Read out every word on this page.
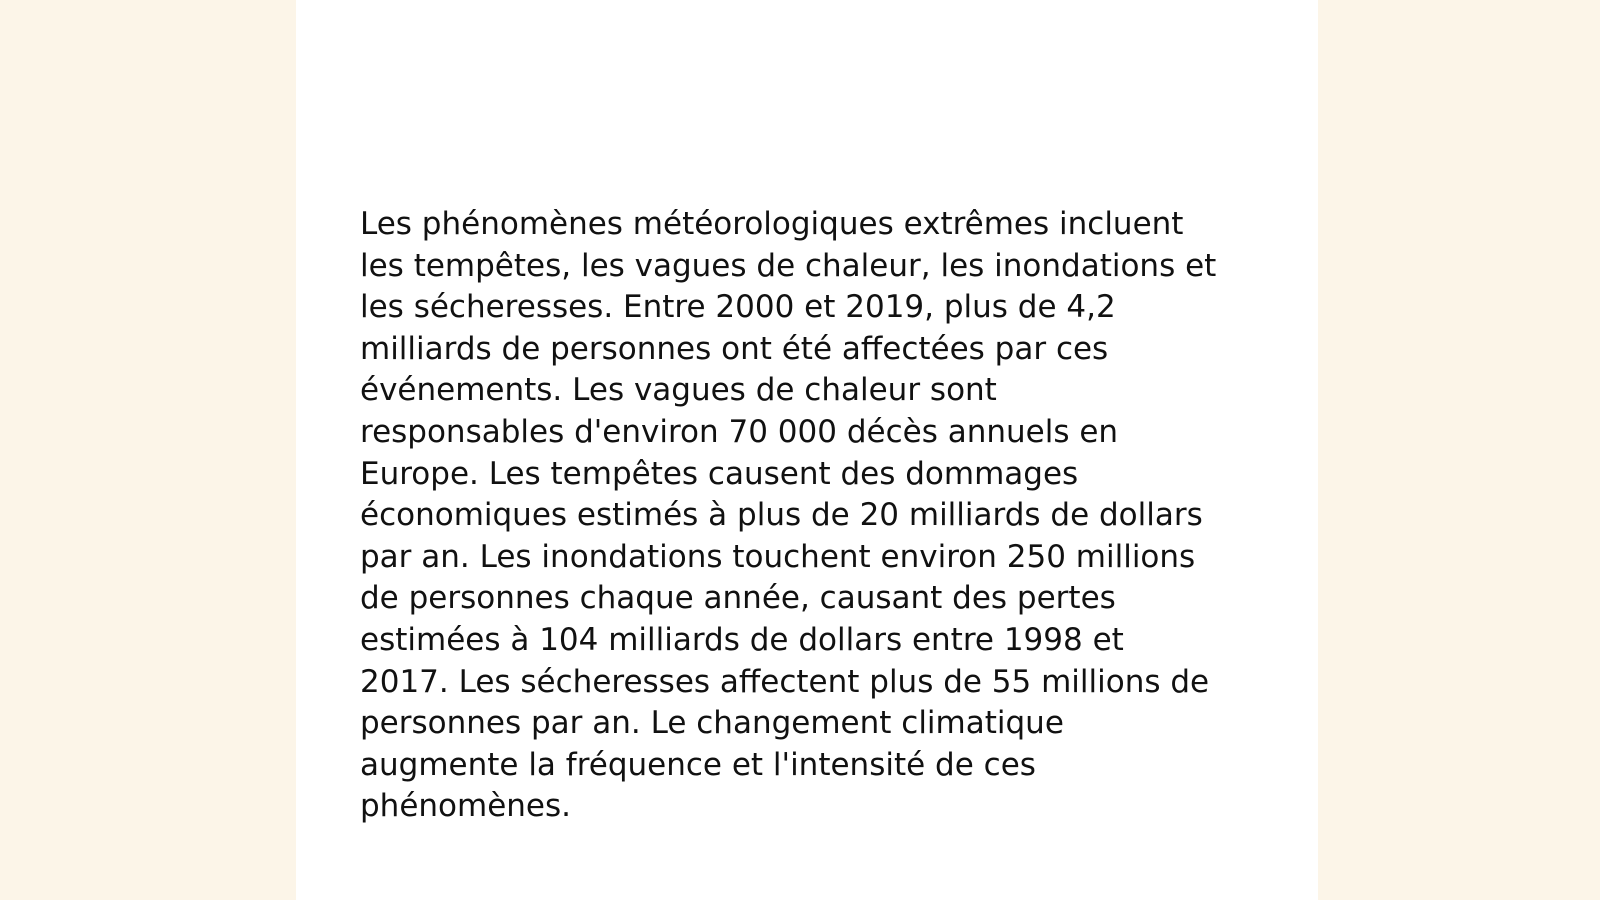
Les phénomènes météorologiques extrêmes incluent
les tempêtes, les vagues de chaleur, les inondations et
les sécheresses. Entre 2000 et 2019, plus de 4,2
milliards de personnes ont été affectées par ces
événements. Les vagues de chaleur sont
responsables d'environ 70 000 décès annuels en
Europe. Les tempêtes causent des dommages
économiques estimés à plus de 20 milliards de dollars
par an. Les inondations touchent environ 250 millions
de personnes chaque année, causant des pertes
estimées à 104 milliards de dollars entre 1998 et
2017. Les sécheresses affectent plus de 55 millions de
personnes par an. Le changement climatique
augmente la fréquence et l'intensité de ces
phénomènes.
